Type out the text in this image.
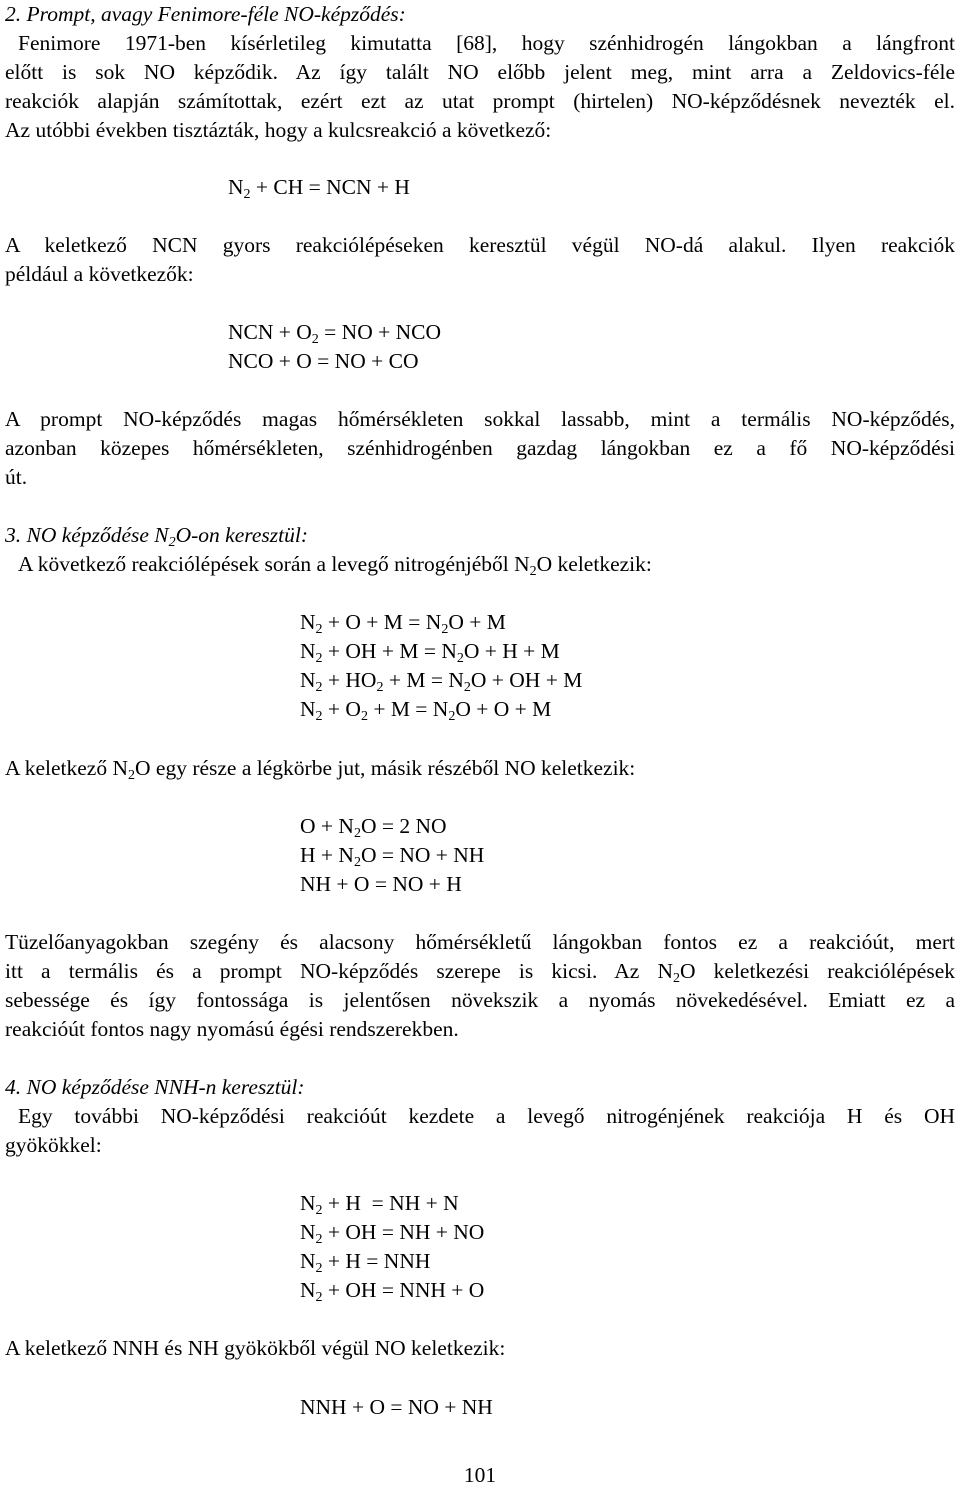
2. Prompt, avagy Fenimore-féle NO-képződés:
Fenimore 1971-ben kísérletileg kimutatta [68], hogy szénhidrogén lángokban a lángfront
előtt is sok NO képződik. Az így talált NO előbb jelent meg, mint arra a Zeldovics-féle
reakciók alapján számítottak, ezért ezt az utat prompt (hirtelen) NO-képződésnek nevezték el.
Az utóbbi években tisztázták, hogy a kulcsreakció a következő:
$N_2$ + CH = NCN + H
A keletkező NCN gyors reakciólépéseken keresztül végül NO-dá alakul. Ilyen reakciók
például a következők:
NCN + $O_2$ = NO + NCO
NCO + O = NO + CO
A prompt NO-képződés magas hőmérsékleten sokkal lassabb, mint a termális NO-képződés,
azonban közepes hőmérsékleten, szénhidrogénben gazdag lángokban ez a fő NO-képződési
út.
3. NO képződése $N_2O-on$ keresztül:
A következő reakciólépések során a levegő nitrogénjéből $N_2O$ keletkezik:
$N_2 + O + M = N_2O + M$
$N_2$ + OH + $M = N_2O + H + M$
$N_2 + HO_2 + M = N_2O$ + OH + M
$N_2 + O_2 + M = N_2O + O + M$
A keletkező $N_2O$ egy része a légkörbe jut, másik részéből NO keletkezik:
$O + N_2O = 2$ NO
$H + N_2O$ = NO + NH
NH + O = NO + H
Tüzelőanyagokban szegény és alacsony hőmérsékletű lángokban fontos ez a reakcióút, mert
itt a termális és a prompt NO-képződés szerepe is kicsi. Az $N_2O$ keletkezési reakciólépések
sebessége és így fontossága is jelentősen növekszik a nyomás növekedésével. Emiatt ez a
reakcióút fontos nagy nyomású égési rendszerekben.
4. NO képződése NNH-n keresztül:
Egy további NO-képződési reakcióút kezdete a levegő nitrogénjének reakciója H és OH
gyökökkel:
$N_2 + H$  = NH + N
$N_2$ + OH = NH + NO
$N_2 + H$ = NNH
$N_2$ + OH = NNH + O
A keletkező NNH és NH gyökökből végül NO keletkezik:
NNH + O = NO + NH
101
